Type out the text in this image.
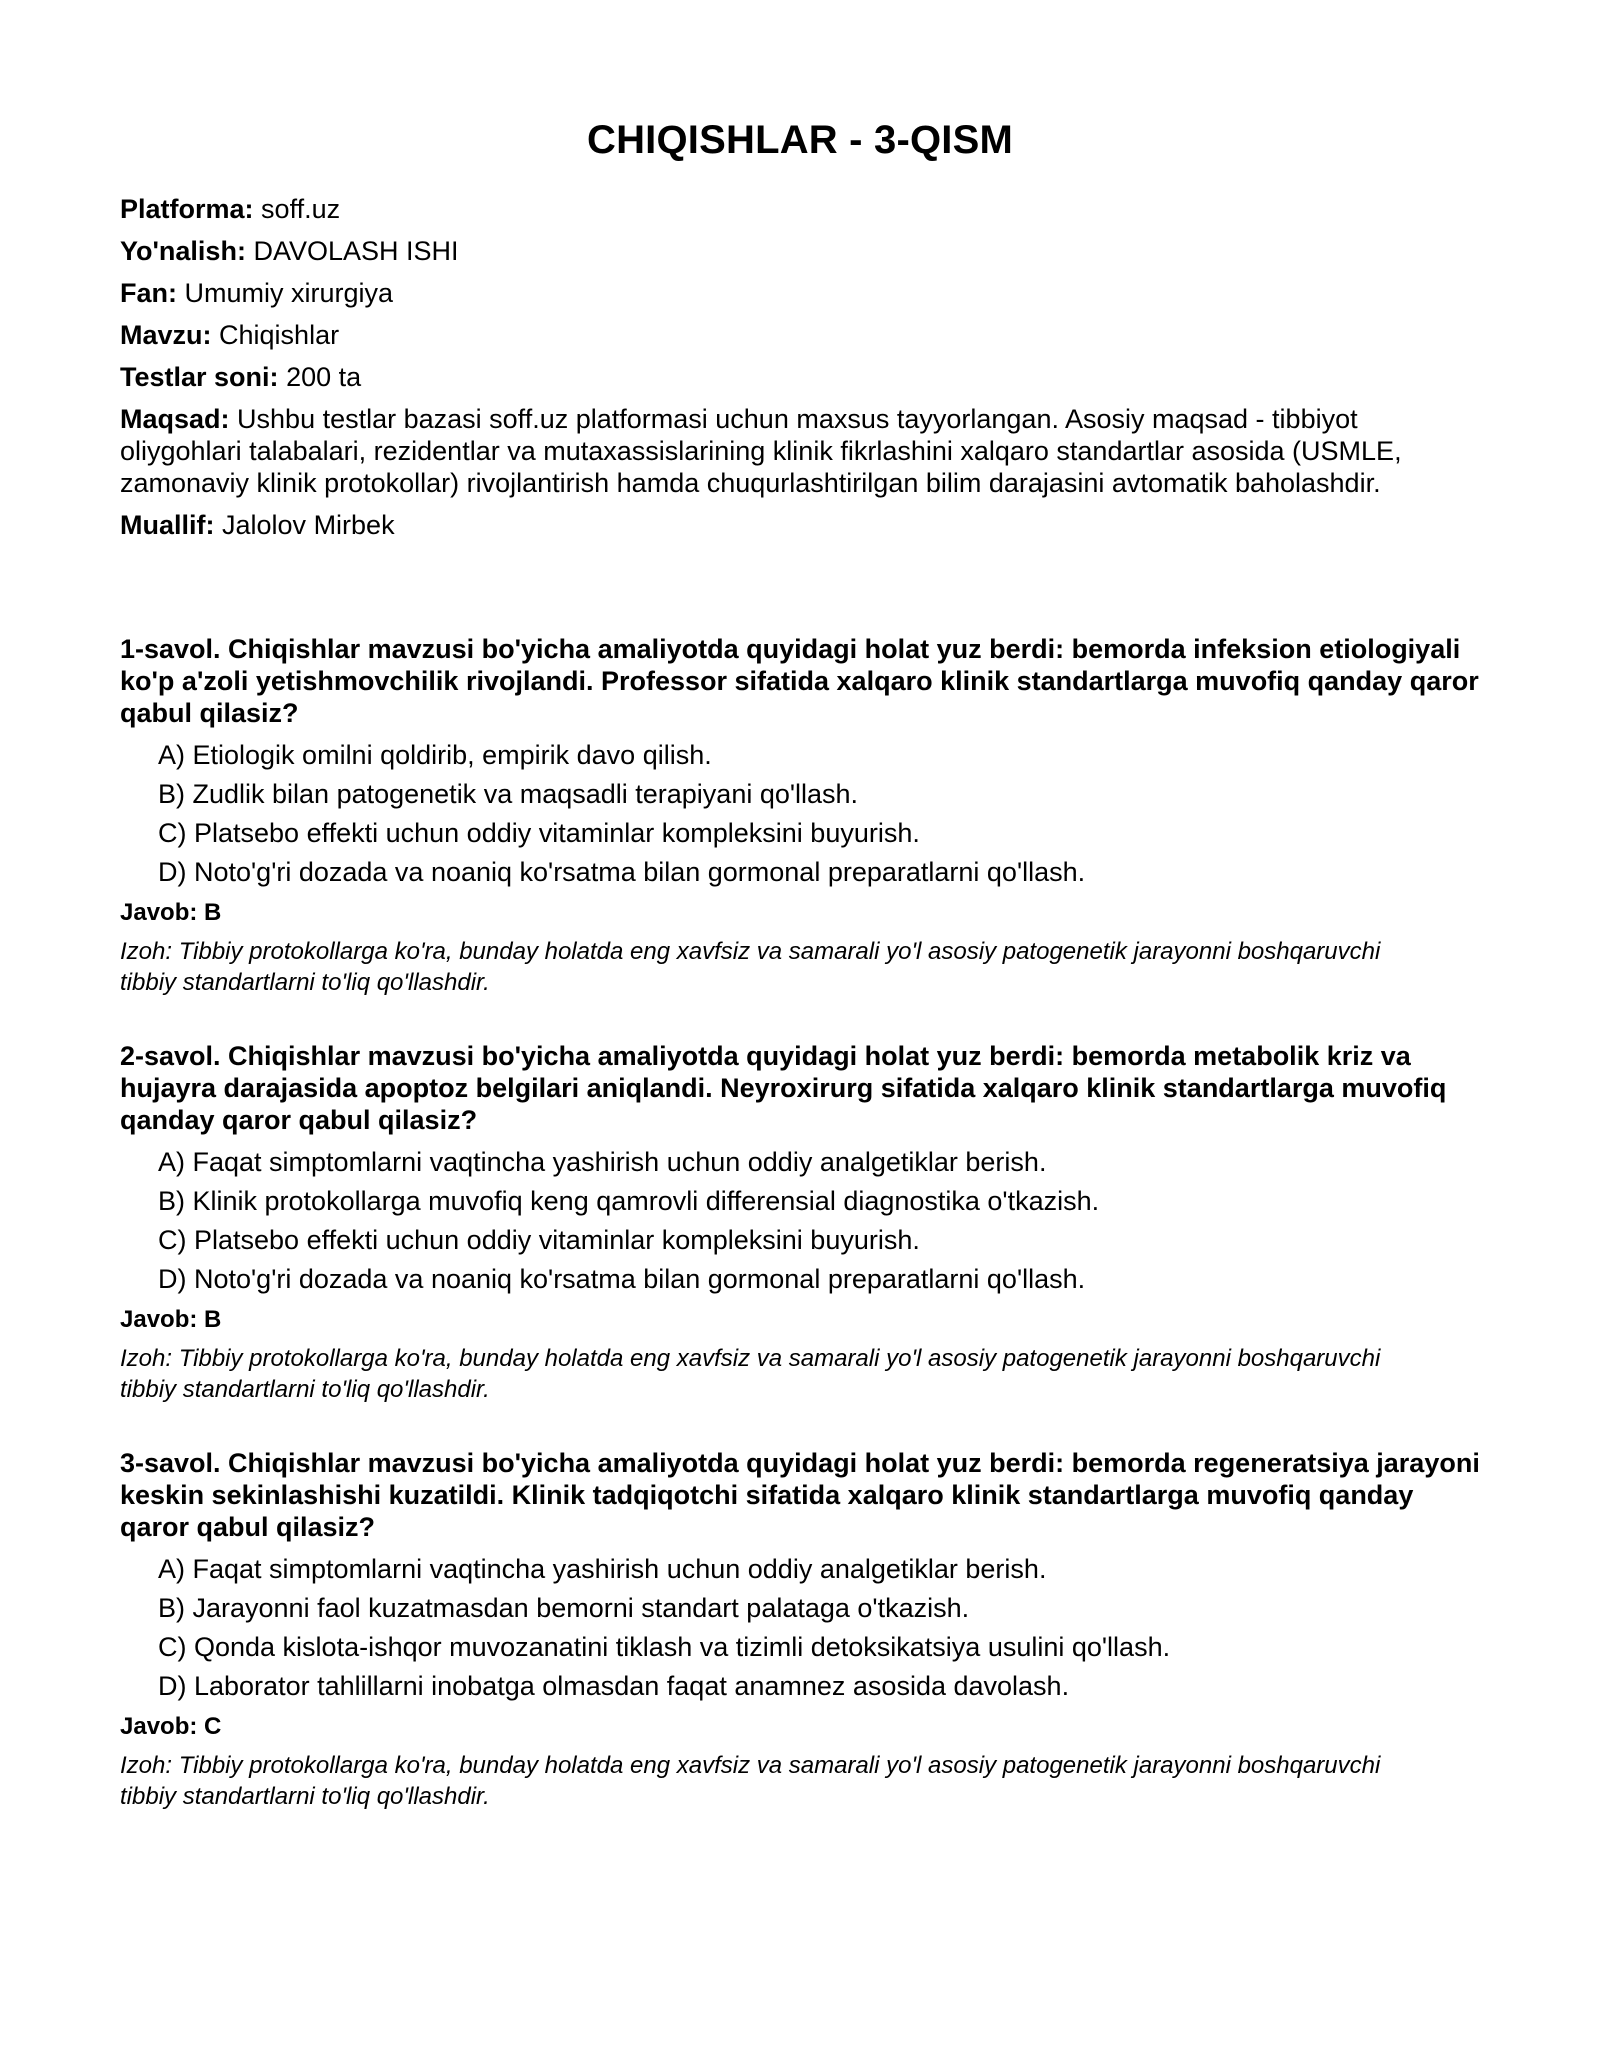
CHIQISHLAR - 3-QISM

Platforma: soff.uz

Yo'nalish: DAVOLASH ISHI

Fan: Umumiy xirurgiya

Mavzu: Chiqishlar

Testlar soni: 200 ta

Maqsad: Ushbu testlar bazasi soff.uz platformasi uchun maxsus tayyorlangan. Asosiy maqsad - tibbiyot oliygohlari talabalari, rezidentlar va mutaxassislarining klinik fikrlashini xalqaro standartlar asosida (USMLE, zamonaviy klinik protokollar) rivojlantirish hamda chuqurlashtirilgan bilim darajasini avtomatik baholashdir.

Muallif: Jalolov Mirbek

1-savol. Chiqishlar mavzusi bo'yicha amaliyotda quyidagi holat yuz berdi: bemorda infeksion etiologiyali ko'p a'zoli yetishmovchilik rivojlandi. Professor sifatida xalqaro klinik standartlarga muvofiq qanday qaror qabul qilasiz?

A) Etiologik omilni qoldirib, empirik davo qilish.
B) Zudlik bilan patogenetik va maqsadli terapiyani qo'llash.
C) Platsebo effekti uchun oddiy vitaminlar kompleksini buyurish.
D) Noto'g'ri dozada va noaniq ko'rsatma bilan gormonal preparatlarni qo'llash.

Javob: B

Izoh: Tibbiy protokollarga ko'ra, bunday holatda eng xavfsiz va samarali yo'l asosiy patogenetik jarayonni boshqaruvchi tibbiy standartlarni to'liq qo'llashdir.

2-savol. Chiqishlar mavzusi bo'yicha amaliyotda quyidagi holat yuz berdi: bemorda metabolik kriz va hujayra darajasida apoptoz belgilari aniqlandi. Neyroxirurg sifatida xalqaro klinik standartlarga muvofiq qanday qaror qabul qilasiz?

A) Faqat simptomlarni vaqtincha yashirish uchun oddiy analgetiklar berish.
B) Klinik protokollarga muvofiq keng qamrovli differensial diagnostika o'tkazish.
C) Platsebo effekti uchun oddiy vitaminlar kompleksini buyurish.
D) Noto'g'ri dozada va noaniq ko'rsatma bilan gormonal preparatlarni qo'llash.

Javob: B

Izoh: Tibbiy protokollarga ko'ra, bunday holatda eng xavfsiz va samarali yo'l asosiy patogenetik jarayonni boshqaruvchi tibbiy standartlarni to'liq qo'llashdir.

3-savol. Chiqishlar mavzusi bo'yicha amaliyotda quyidagi holat yuz berdi: bemorda regeneratsiya jarayoni keskin sekinlashishi kuzatildi. Klinik tadqiqotchi sifatida xalqaro klinik standartlarga muvofiq qanday qaror qabul qilasiz?

A) Faqat simptomlarni vaqtincha yashirish uchun oddiy analgetiklar berish.
B) Jarayonni faol kuzatmasdan bemorni standart palataga o'tkazish.
C) Qonda kislota-ishqor muvozanatini tiklash va tizimli detoksikatsiya usulini qo'llash.
D) Laborator tahlillarni inobatga olmasdan faqat anamnez asosida davolash.

Javob: C

Izoh: Tibbiy protokollarga ko'ra, bunday holatda eng xavfsiz va samarali yo'l asosiy patogenetik jarayonni boshqaruvchi tibbiy standartlarni to'liq qo'llashdir.
